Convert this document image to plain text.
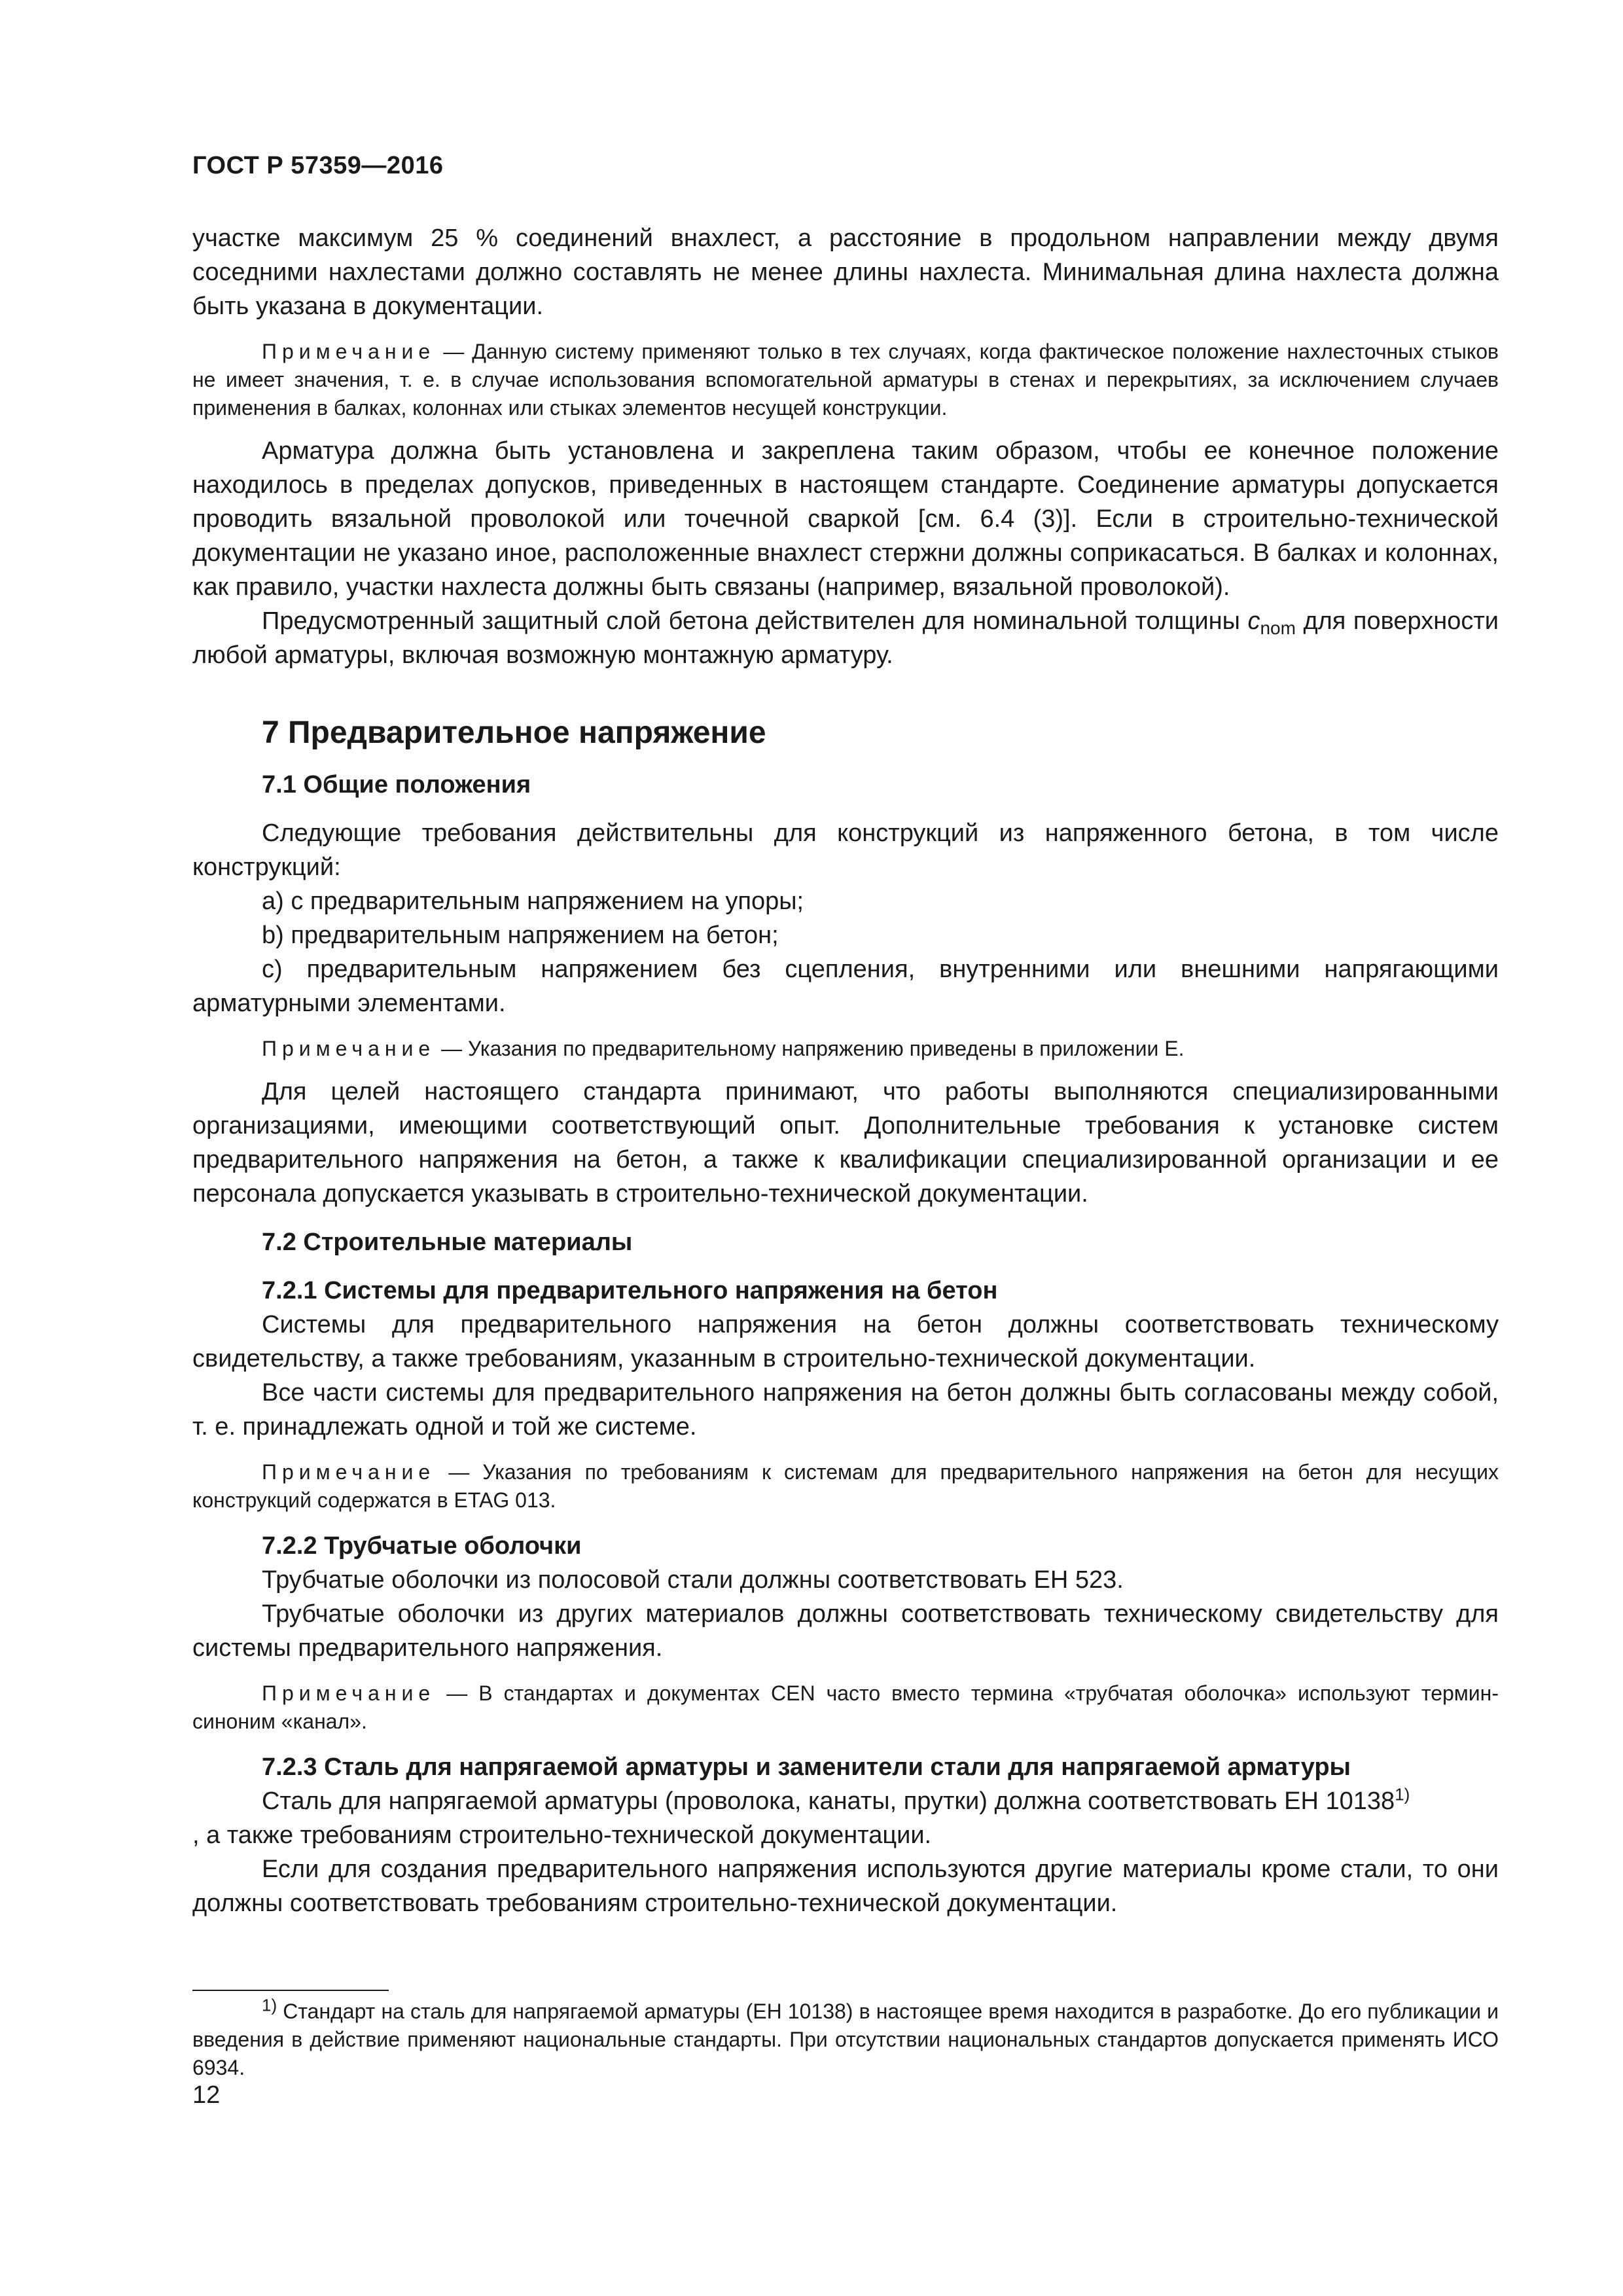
ГОСТ Р 57359—2016

участке максимум 25 % соединений внахлест, а расстояние в продольном направлении между двумя соседними нахлестами должно составлять не менее длины нахлеста. Минимальная длина нахлеста должна быть указана в документации.

Примечание — Данную систему применяют только в тех случаях, когда фактическое положение нахлесточных стыков не имеет значения, т. е. в случае использования вспомогательной арматуры в стенах и перекрытиях, за исключением случаев применения в балках, колоннах или стыках элементов несущей конструкции.

Арматура должна быть установлена и закреплена таким образом, чтобы ее конечное положение находилось в пределах допусков, приведенных в настоящем стандарте. Соединение арматуры допускается проводить вязальной проволокой или точечной сваркой [см. 6.4 (3)]. Если в строительно-технической документации не указано иное, расположенные внахлест стержни должны соприкасаться. В балках и колоннах, как правило, участки нахлеста должны быть связаны (например, вязальной проволокой).

Предусмотренный защитный слой бетона действителен для номинальной толщины $c_{nom}$ для поверхности любой арматуры, включая возможную монтажную арматуру.

7 Предварительное напряжение
7.1 Общие положения

Следующие требования действительны для конструкций из напряженного бетона, в том числе конструкций:

a) с предварительным напряжением на упоры;

b) предварительным напряжением на бетон;

c) предварительным напряжением без сцепления, внутренними или внешними напрягающими арматурными элементами.

Примечание — Указания по предварительному напряжению приведены в приложении Е.

Для целей настоящего стандарта принимают, что работы выполняются специализированными организациями, имеющими соответствующий опыт. Дополнительные требования к установке систем предварительного напряжения на бетон, а также к квалификации специализированной организации и ее персонала допускается указывать в строительно-технической документации.

7.2 Строительные материалы
7.2.1 Системы для предварительного напряжения на бетон

Системы для предварительного напряжения на бетон должны соответствовать техническому свидетельству, а также требованиям, указанным в строительно-технической документации.

Все части системы для предварительного напряжения на бетон должны быть согласованы между собой, т. е. принадлежать одной и той же системе.

Примечание — Указания по требованиям к системам для предварительного напряжения на бетон для несущих конструкций содержатся в ETAG 013.

7.2.2 Трубчатые оболочки

Трубчатые оболочки из полосовой стали должны соответствовать ЕН 523.

Трубчатые оболочки из других материалов должны соответствовать техническому свидетельству для системы предварительного напряжения.

Примечание — В стандартах и документах CEN часто вместо термина «трубчатая оболочка» используют термин-синоним «канал».

7.2.3 Сталь для напрягаемой арматуры и заменители стали для напрягаемой арматуры

Сталь для напрягаемой арматуры (проволока, канаты, прутки) должна соответствовать ЕН 10138$^{1)}$

, а также требованиям строительно-технической документации.

Если для создания предварительного напряжения используются другие материалы кроме стали, то они должны соответствовать требованиям строительно-технической документации.

$^{1)}$ Стандарт на сталь для напрягаемой арматуры (ЕН 10138) в настоящее время находится в разработке. До его публикации и введения в действие применяют национальные стандарты. При отсутствии национальных стандартов допускается применять ИСО 6934.

12
